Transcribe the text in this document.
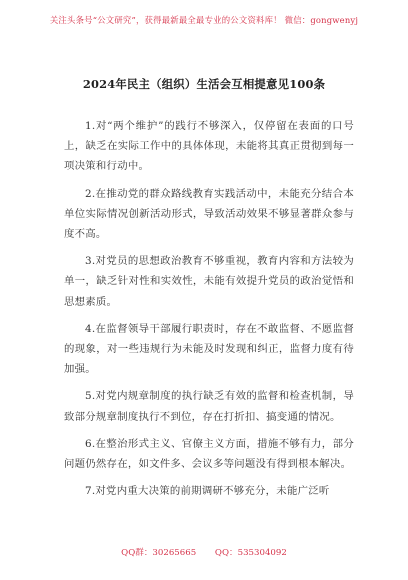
关注头条号“公文研究”，获得最新最全最专业的公文资料库！ 微信：gongwenyj
2024年民主（组织）生活会互相提意见100条

1.对“两个维护”的践行不够深入，仅停留在表面的口号上，缺乏在实际工作中的具体体现，未能将其真正贯彻到每一项决策和行动中。

2.在推动党的群众路线教育实践活动中，未能充分结合本单位实际情况创新活动形式，导致活动效果不够显著群众参与度不高。

3.对党员的思想政治教育不够重视，教育内容和方法较为单一，缺乏针对性和实效性，未能有效提升党员的政治觉悟和思想素质。

4.在监督领导干部履行职责时，存在不敢监督、不愿监督的现象，对一些违规行为未能及时发现和纠正，监督力度有待加强。

5.对党内规章制度的执行缺乏有效的监督和检查机制，导致部分规章制度执行不到位，存在打折扣、搞变通的情况。

6.在整治形式主义、官僚主义方面，措施不够有力，部分问题仍然存在，如文件多、会议多等问题没有得到根本解决。

7.对党内重大决策的前期调研不够充分，未能广泛听

QQ群：30265665 QQ：535304092
